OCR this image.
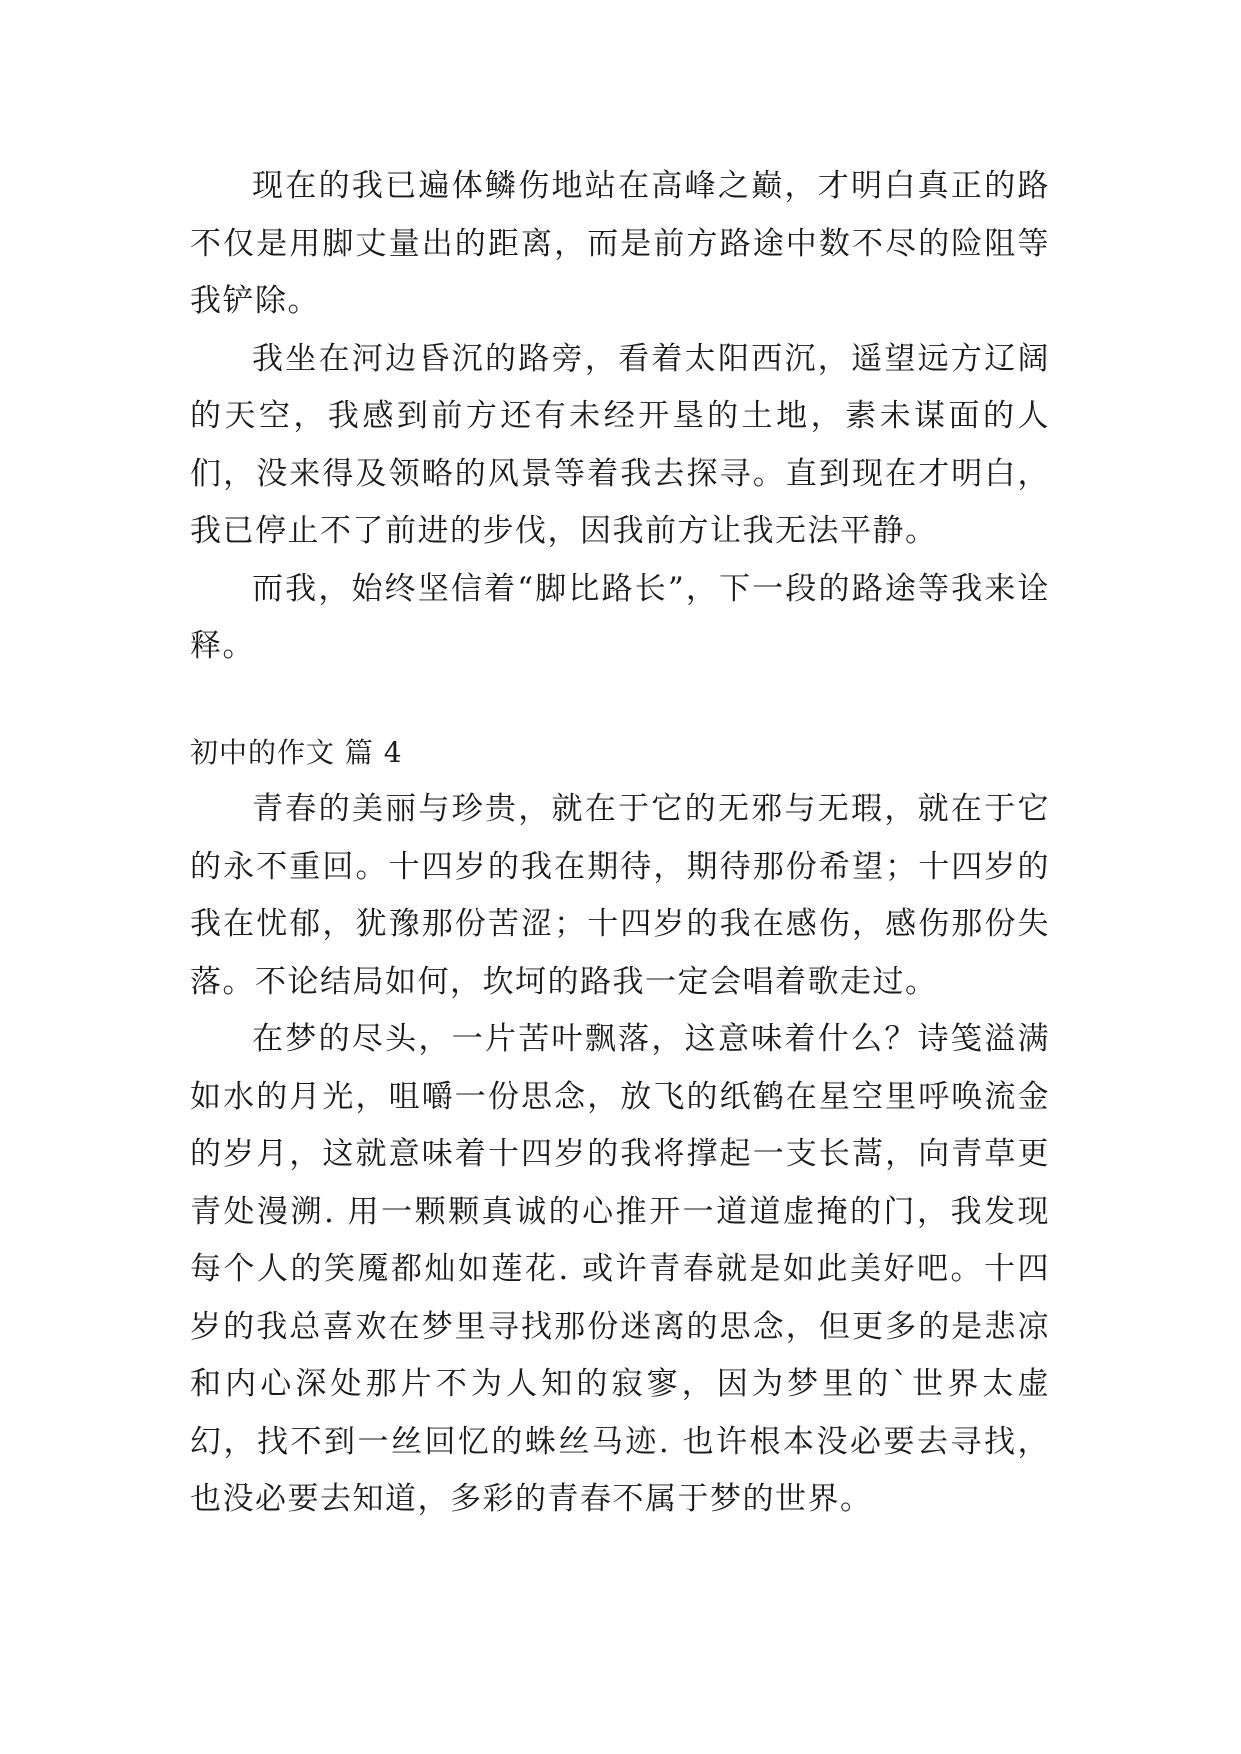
现在的我已遍体鳞伤地站在高峰之巅，才明白真正的路不仅是用脚丈量出的距离，而是前方路途中数不尽的险阻等我铲除。

我坐在河边昏沉的路旁，看着太阳西沉，遥望远方辽阔的天空，我感到前方还有未经开垦的土地，素未谋面的人们，没来得及领略的风景等着我去探寻。直到现在才明白，我已停止不了前进的步伐，因我前方让我无法平静。

而我，始终坚信着“脚比路长”，下一段的路途等我来诠释。

初中的作文 篇 4

青春的美丽与珍贵，就在于它的无邪与无瑕，就在于它的永不重回。十四岁的我在期待，期待那份希望；十四岁的我在忧郁，犹豫那份苦涩；十四岁的我在感伤，感伤那份失落。不论结局如何，坎坷的路我一定会唱着歌走过。

在梦的尽头，一片苦叶飘落，这意味着什么？诗笺溢满如水的月光，咀嚼一份思念，放飞的纸鹤在星空里呼唤流金的岁月，这就意味着十四岁的我将撑起一支长蒿，向青草更青处漫溯. 用一颗颗真诚的心推开一道道虚掩的门，我发现每个人的笑魇都灿如莲花. 或许青春就是如此美好吧。十四岁的我总喜欢在梦里寻找那份迷离的思念，但更多的是悲凉和内心深处那片不为人知的寂寥，因为梦里的`世界太虚幻，找不到一丝回忆的蛛丝马迹. 也许根本没必要去寻找，也没必要去知道，多彩的青春不属于梦的世界。
